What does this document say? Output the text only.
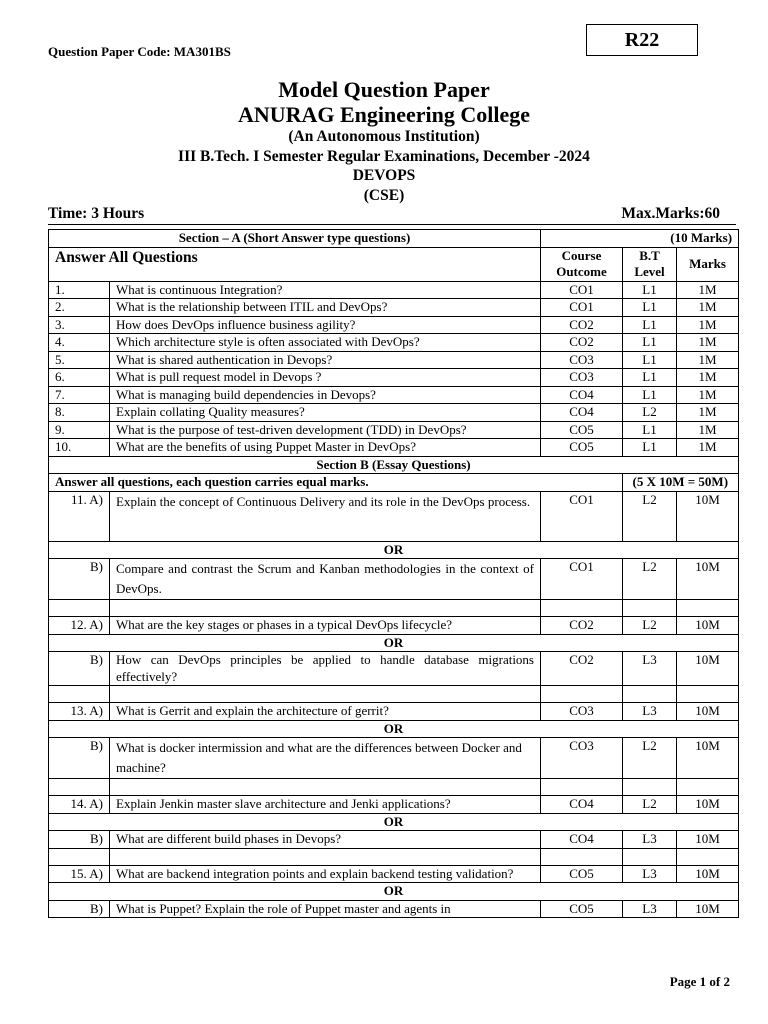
Question Paper Code: MA301BS
R22
Model Question Paper
ANURAG Engineering College
(An Autonomous Institution)
III B.Tech. I Semester Regular Examinations, December -2024
DEVOPS
(CSE)
Time: 3 Hours	Max.Marks:60
Section – A (Short Answer type questions)		(10 Marks)		
Answer All Questions		Course Outcome	B.T Level	Marks
1.	What is continuous Integration?	CO1	L1	1M
2.	What is the relationship between ITIL and DevOps?	CO1	L1	1M
3.	How does DevOps influence business agility?	CO2	L1	1M
4.	Which architecture style is often associated with DevOps?	CO2	L1	1M
5.	What is shared authentication in Devops?	CO3	L1	1M
6.	What is pull request model in Devops ?	CO3	L1	1M
7.	What is managing build dependencies in Devops?	CO4	L1	1M
8.	Explain collating Quality measures?	CO4	L2	1M
9.	What is the purpose of test-driven development (TDD) in DevOps?	CO5	L1	1M
10.	What are the benefits of using Puppet Master in DevOps?	CO5	L1	1M
Section B (Essay Questions)				
Answer all questions, each question carries equal marks.			(5 X 10M = 50M)	
11. A)	Explain the concept of Continuous Delivery and its role in the DevOps process.	CO1	L2	10M
OR				
B)	Compare and contrast the Scrum and Kanban methodologies in the context of DevOps.	CO1	L2	10M

12. A)	What are the key stages or phases in a typical DevOps lifecycle?	CO2	L2	10M
OR				
B)	How can DevOps principles be applied to handle database migrations effectively?	CO2	L3	10M

13. A)	What is Gerrit and explain the architecture of gerrit?	CO3	L3	10M
OR				
B)	What is docker intermission and what are the differences between Docker and machine?	CO3	L2	10M

14. A)	Explain Jenkin master slave architecture and Jenki applications?	CO4	L2	10M
OR				
B)	What are different build phases in Devops?	CO4	L3	10M

15. A)	What are backend integration points and explain backend testing validation?	CO5	L3	10M
OR				
B)	What is Puppet? Explain the role of Puppet master and agents in	CO5	L3	10M
Page 1 of 2
